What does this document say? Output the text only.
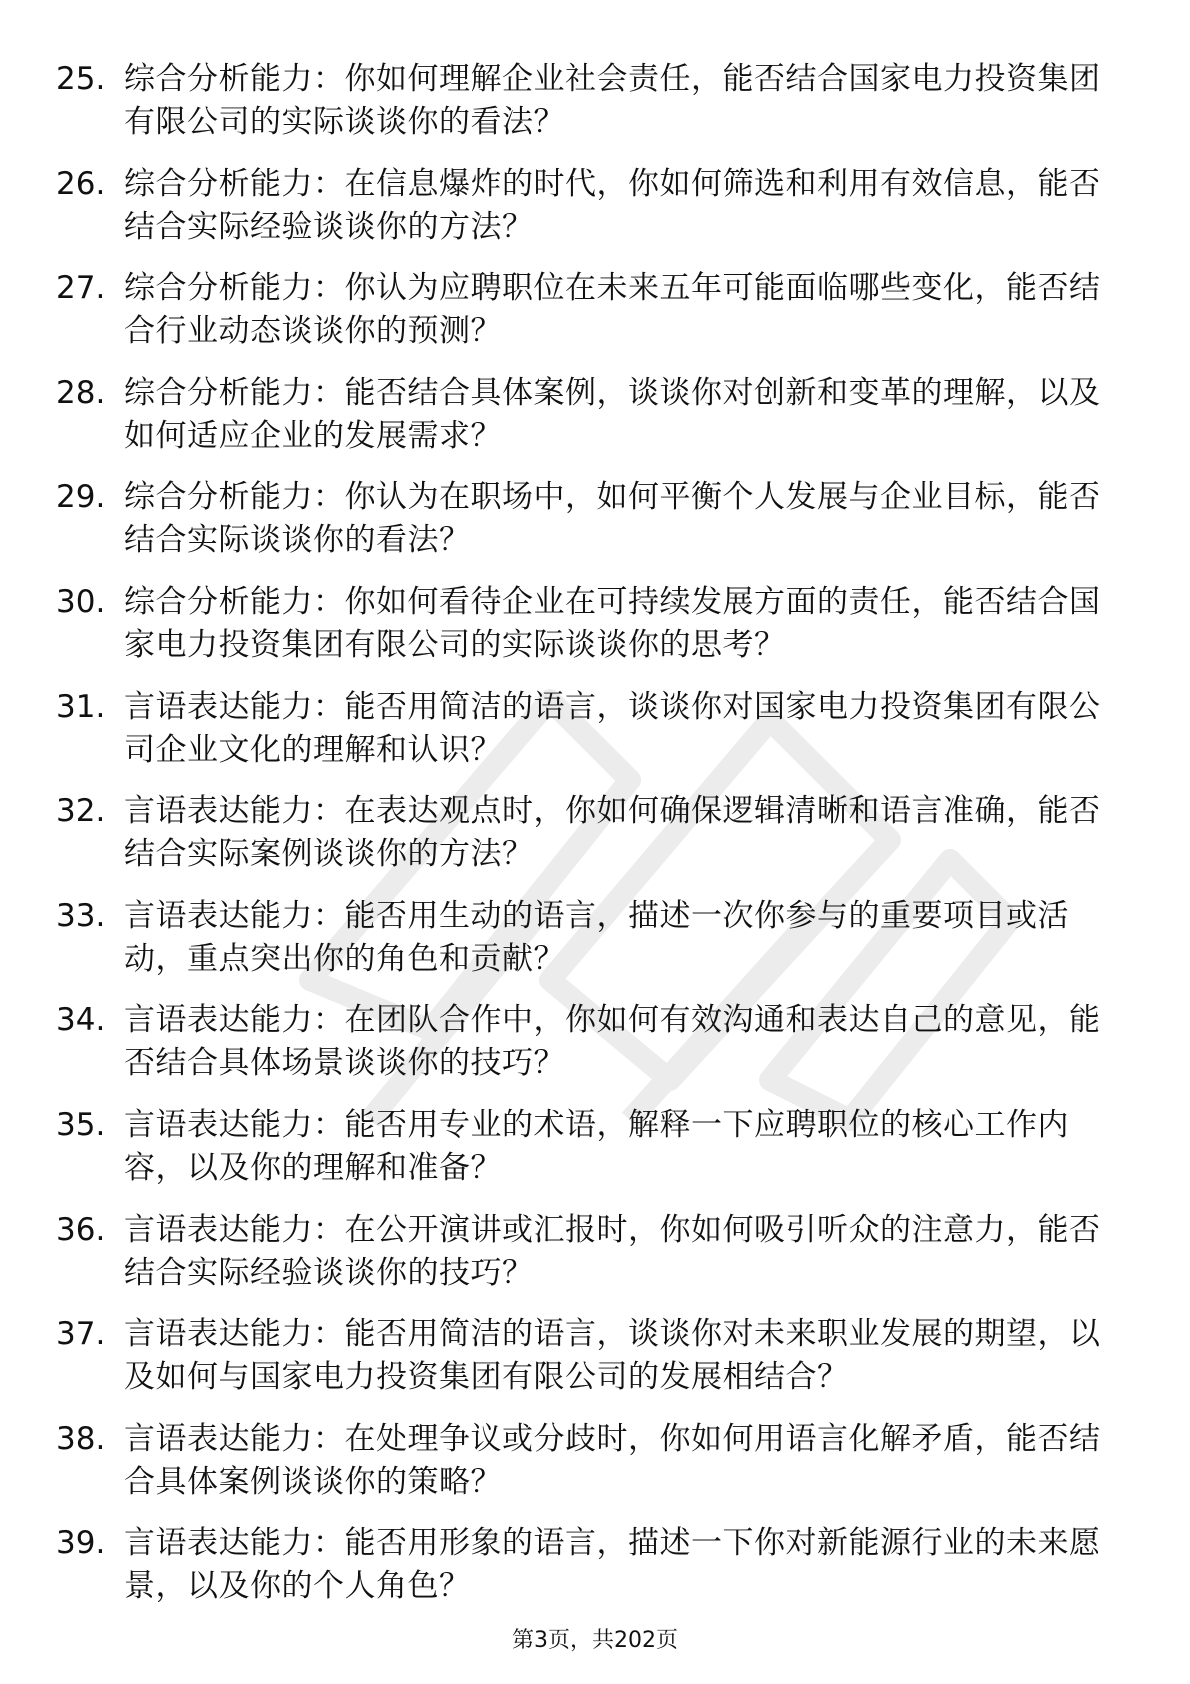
25. 综合分析能力：你如何理解企业社会责任，能否结合国家电力投资集团有限公司的实际谈谈你的看法？
26. 综合分析能力：在信息爆炸的时代，你如何筛选和利用有效信息，能否结合实际经验谈谈你的方法？
27. 综合分析能力：你认为应聘职位在未来五年可能面临哪些变化，能否结合行业动态谈谈你的预测？
28. 综合分析能力：能否结合具体案例，谈谈你对创新和变革的理解，以及如何适应企业的发展需求？
29. 综合分析能力：你认为在职场中，如何平衡个人发展与企业目标，能否结合实际谈谈你的看法？
30. 综合分析能力：你如何看待企业在可持续发展方面的责任，能否结合国家电力投资集团有限公司的实际谈谈你的思考？
31. 言语表达能力：能否用简洁的语言，谈谈你对国家电力投资集团有限公司企业文化的理解和认识？
32. 言语表达能力：在表达观点时，你如何确保逻辑清晰和语言准确，能否结合实际案例谈谈你的方法？
33. 言语表达能力：能否用生动的语言，描述一次你参与的重要项目或活动，重点突出你的角色和贡献？
34. 言语表达能力：在团队合作中，你如何有效沟通和表达自己的意见，能否结合具体场景谈谈你的技巧？
35. 言语表达能力：能否用专业的术语，解释一下应聘职位的核心工作内容，以及你的理解和准备？
36. 言语表达能力：在公开演讲或汇报时，你如何吸引听众的注意力，能否结合实际经验谈谈你的技巧？
37. 言语表达能力：能否用简洁的语言，谈谈你对未来职业发展的期望，以及如何与国家电力投资集团有限公司的发展相结合？
38. 言语表达能力：在处理争议或分歧时，你如何用语言化解矛盾，能否结合具体案例谈谈你的策略？
39. 言语表达能力：能否用形象的语言，描述一下你对新能源行业的未来愿景，以及你的个人角色？
第3页，共202页
